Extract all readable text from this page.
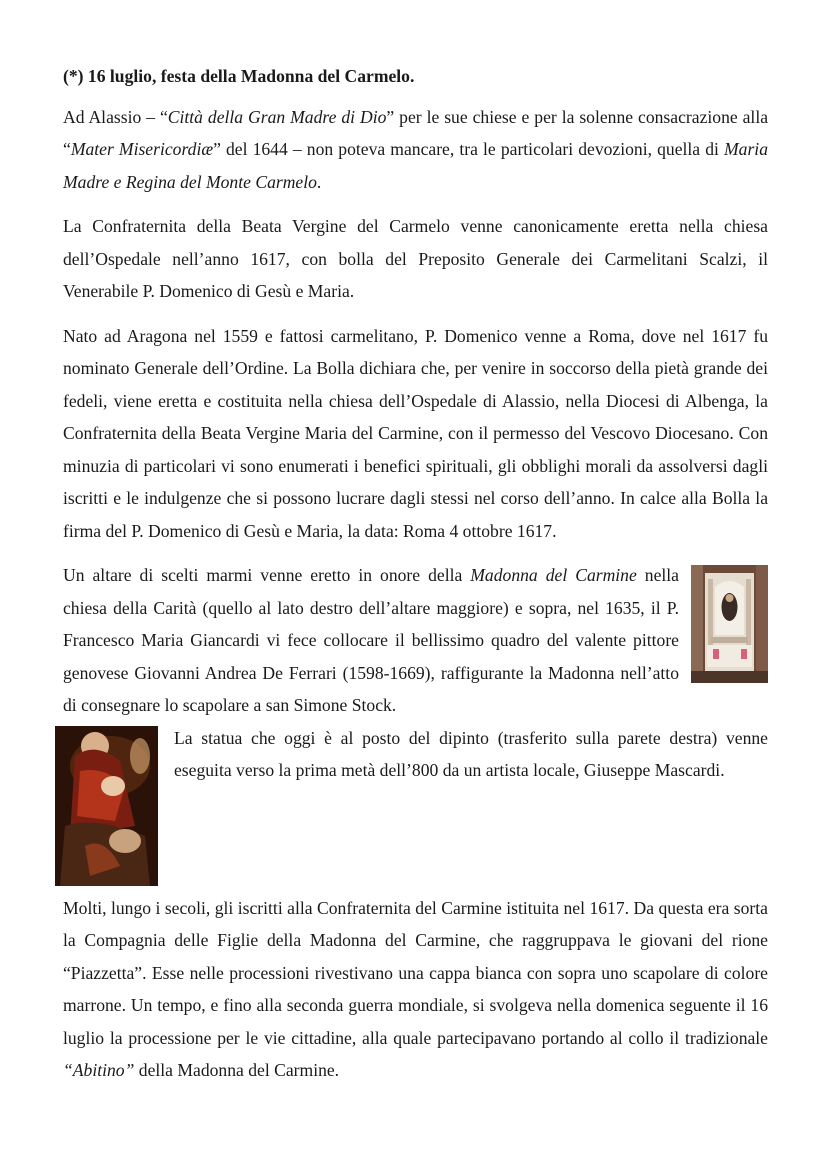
(*) 16 luglio, festa della Madonna del Carmelo.

Ad Alassio – “Città della Gran Madre di Dio” per le sue chiese e per la solenne consacrazione alla “Mater Misericordiæ” del 1644 – non poteva mancare, tra le particolari devozioni, quella di Maria Madre e Regina del Monte Carmelo.

La Confraternita della Beata Vergine del Carmelo venne canonicamente eretta nella chiesa dell’Ospedale nell’anno 1617, con bolla del Preposito Generale dei Carmelitani Scalzi, il Venerabile P. Domenico di Gesù e Maria.

Nato ad Aragona nel 1559 e fattosi carmelitano, P. Domenico venne a Roma, dove nel 1617 fu nominato Generale dell’Ordine. La Bolla dichiara che, per venire in soccorso della pietà grande dei fedeli, viene eretta e costituita nella chiesa dell’Ospedale di Alassio, nella Diocesi di Albenga, la Confraternita della Beata Vergine Maria del Carmine, con il permesso del Vescovo Diocesano. Con minuzia di particolari vi sono enumerati i benefici spirituali, gli obblighi morali da assolversi dagli iscritti e le indulgenze che si possono lucrare dagli stessi nel corso dell’anno. In calce alla Bolla la firma del P. Domenico di Gesù e Maria, la data: Roma 4 ottobre 1617.

Un altare di scelti marmi venne eretto in onore della Madonna del Carmine nella chiesa della Carità (quello al lato destro dell’altare maggiore) e sopra, nel 1635, il P. Francesco Maria Giancardi vi fece collocare il bellissimo quadro del valente pittore genovese Giovanni Andrea De Ferrari (1598-1669), raffigurante la Madonna nell’atto di consegnare lo scapolare a san Simone Stock.

La statua che oggi è al posto del dipinto (trasferito sulla parete destra) venne eseguita verso la prima metà dell’800 da un artista locale, Giuseppe Mascardi.

Molti, lungo i secoli, gli iscritti alla Confraternita del Carmine istituita nel 1617. Da questa era sorta la Compagnia delle Figlie della Madonna del Carmine, che raggruppava le giovani del rione “Piazzetta”. Esse nelle processioni rivestivano una cappa bianca con sopra uno scapolare di colore marrone. Un tempo, e fino alla seconda guerra mondiale, si svolgeva nella domenica seguente il 16 luglio la processione per le vie cittadine, alla quale partecipavano portando al collo il tradizionale “Abitino” della Madonna del Carmine.
